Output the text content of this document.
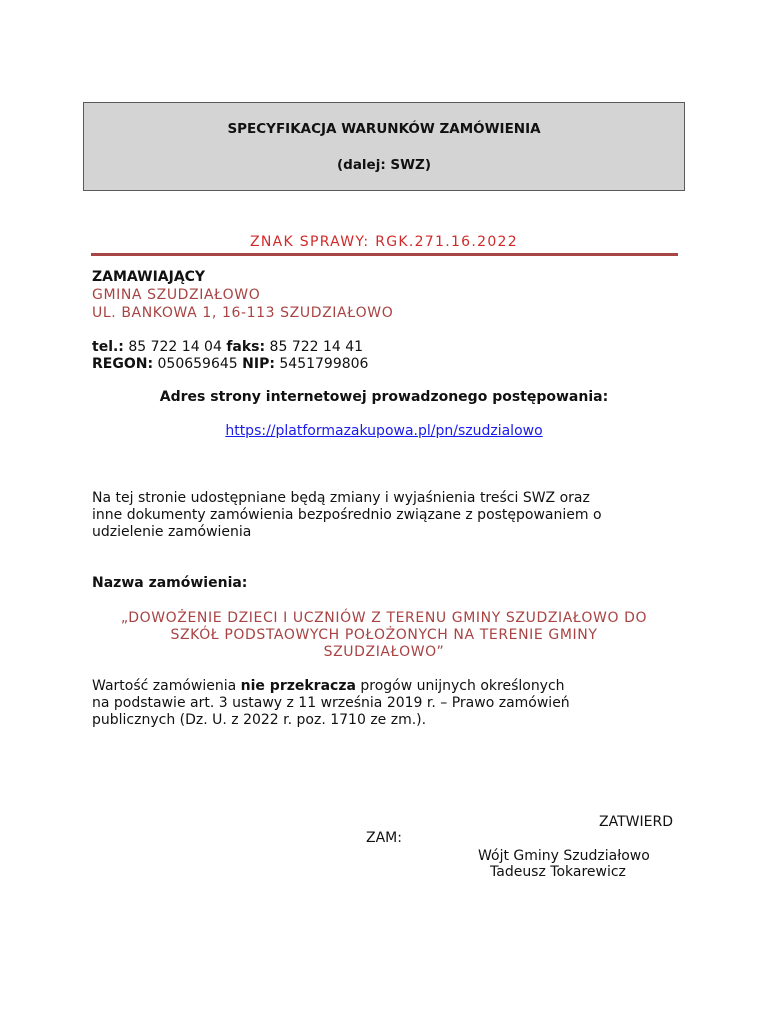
SPECYFIKACJA WARUNKÓW ZAMÓWIENIA
(dalej: SWZ)
ZNAK SPRAWY: RGK.271.16.2022
ZAMAWIAJĄCY
GMINA SZUDZIAŁOWO
UL. BANKOWA 1, 16-113 SZUDZIAŁOWO
tel.: 85 722 14 04 faks: 85 722 14 41
REGON: 050659645 NIP: 5451799806
Adres strony internetowej prowadzonego postępowania:
https://platformazakupowa.pl/pn/szudzialowo
Na tej stronie udostępniane będą zmiany i wyjaśnienia treści SWZ oraz
inne dokumenty zamówienia bezpośrednio związane z postępowaniem o
udzielenie zamówienia
Nazwa zamówienia:
„DOWOŻENIE DZIECI I UCZNIÓW Z TERENU GMINY SZUDZIAŁOWO DO
SZKÓŁ PODSTAOWYCH POŁOŻONYCH NA TERENIE GMINY
SZUDZIAŁOWO”
Wartość zamówienia nie przekracza progów unijnych określonych
na podstawie art. 3 ustawy z 11 września 2019 r. – Prawo zamówień
publicznych (Dz. U. z 2022 r. poz. 1710 ze zm.).
ZATWIERD
ZAM:
Wójt Gminy Szudziałowo
Tadeusz Tokarewicz
